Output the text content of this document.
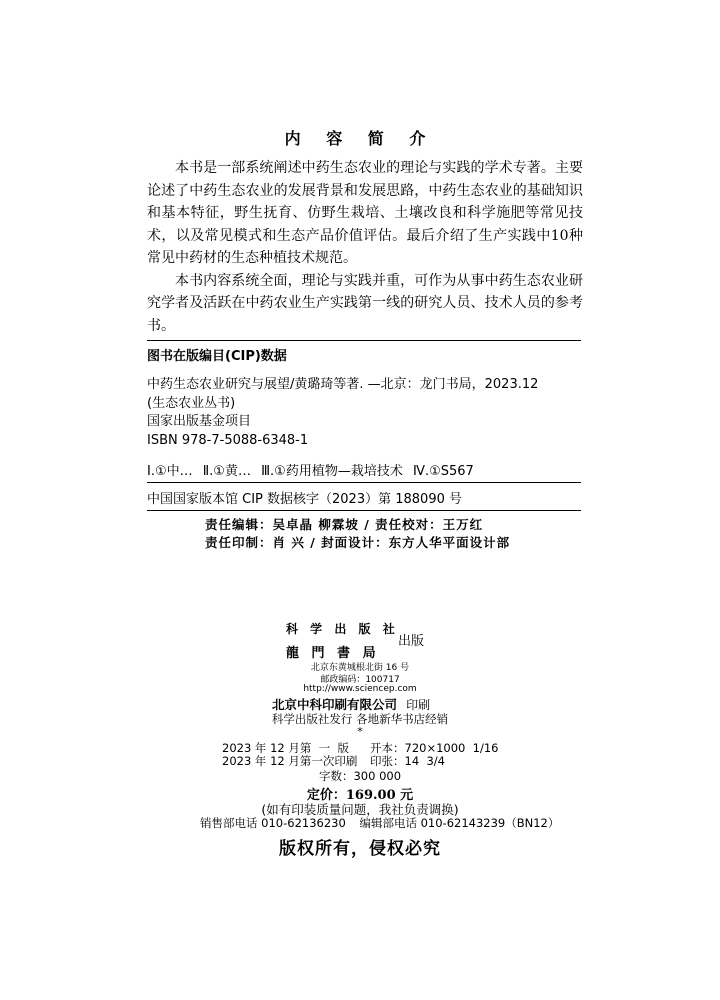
内 容 简 介

本书是一部系统阐述中药生态农业的理论与实践的学术专著。主要论述了中药生态农业的发展背景和发展思路，中药生态农业的基础知识和基本特征，野生抚育、仿野生栽培、土壤改良和科学施肥等常见技术，以及常见模式和生态产品价值评估。最后介绍了生产实践中10种常见中药材的生态种植技术规范。

本书内容系统全面，理论与实践并重，可作为从事中药生态农业研究学者及活跃在中药农业生产实践第一线的研究人员、技术人员的参考书。

图书在版编目(CIP)数据
中药生态农业研究与展望/黄璐琦等著. —北京：龙门书局，2023.12
(生态农业丛书)
国家出版基金项目
ISBN 978-7-5088-6348-1
Ⅰ.①中… Ⅱ.①黄… Ⅲ.①药用植物—栽培技术 Ⅳ.①S567
中国国家版本馆 CIP 数据核字（2023）第 188090 号
责任编辑：吴卓晶 柳霖坡 / 责任校对：王万红
责任印制：肖 兴 / 封面设计：东方人华平面设计部
科 学 出 版 社
龍 門 書 局
出版
北京东黄城根北街 16 号
邮政编码：100717
http://www.sciencep.com
北京中科印刷有限公司 印刷
科学出版社发行 各地新华书店经销
*
2023 年 12 月第  一  版 开本：720×1000  1/16
2023 年 12 月第一次印刷 印张：14  3/4
字数：300 000
定价：169.00 元
(如有印装质量问题，我社负责调换)
销售部电话 010-62136230 编辑部电话 010-62143239（BN12）
版权所有，侵权必究
